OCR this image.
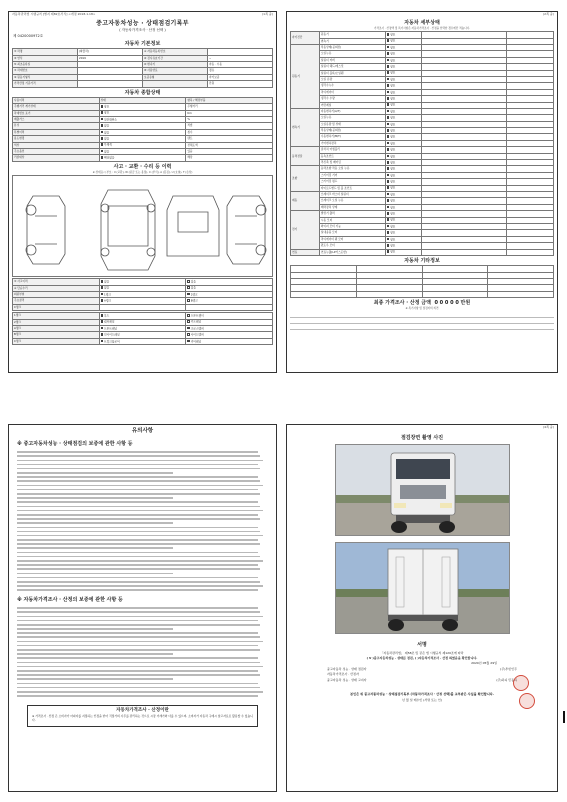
자동차관리법 시행규칙 [별지 제82호서식] <개정 2018.1.18>	(1쪽 중)
중고자동차성능 · 상태점검기록부
( 자동차가격조사 · 산정 선택 )
제 0420000972호
자동차 기본정보
① 차명	(화물차)	② 자동차등록번호	
③ 연식	2019	④ 검사유효기간	~
⑤ 최초등록일		⑥ 변속기	자동 · 수동
⑦ 차대번호		⑧ 사용연료	경유
⑨ 원동기형식		보증유형	자가보증
가격산정 기준가격			만원
자동차 종합상태
사용이력	상태	항목 / 해당부품
주행거리 계기상태	양호	주행거리
차대번호 표기	양호	Km
배출가스	일산화탄소	%
튜닝	없음	적법
특별이력	없음	침수
용도변경	없음	렌트
색상	무채색	전체도색
주요옵션	없음	있음
리콜대상	해당없음	해당
사고 · 교환 · 수리 등 이력
※ 상태표시 부호 : X (교환), W (판금 또는 용접), C (부식), A (흠집), U (요철), T (손상)
① 사고이력	없음	있음
② 단순수리	없음	있음
외판부위	1랭크	2랭크
주요골격	A랭크	B랭크
C랭크		
1랭크	후드	프론트휀더
2랭크	쿼터패널	루프패널
A랭크	프론트패널	크로스멤버
B랭크	인사이드패널	사이드멤버
C랭크	트렁크플로어	리어패널
(2쪽 중)
자동차 세부상태
가격조사 · 산정액 및 특기사항은 자동차가격조사 · 산정을 선택한 경우에만 적습니다.
자기진단	원동기	양호		
	변속기	양호		
원동기	작동상태(공회전)	양호		
	오일누유	양호		
	실린더 커버	양호		
	실린더 헤드/개스킷	양호		
	실린더 블록/오일팬	양호		
	오일 유량	양호		
	냉각수누수	양호		
	라디에이터	양호		
	냉각수 수량	양호		
	커먼레일	양호		
변속기	자동변속기(A/T)	양호		
	오일누유	양호		
	오일유량 및 상태	양호		
	작동상태(공회전)	양호		
	수동변속기(M/T)	양호		
	기어변속장치	양호		
동력전달	클러치 어셈블리	양호		
	등속조인트	양호		
	추진축 및 베어링	양호		
조향	동력조향 작동 오일 누유	양호		
	스티어링 기어	양호		
	스티어링 펌프	양호		
	타이로드엔드 및 볼 조인트	양호		
제동	브레이크 마스터 실린더	양호		
	브레이크 오일 누유	양호		
	배력장치 상태	양호		
전기	발전기 출력	양호		
	시동 모터	양호		
	와이퍼 모터 기능	양호		
	실내송풍 모터	양호		
	라디에이터 팬 모터	양호		
	윈도우 모터	양호		
연료	연료누출(LP가스포함)	양호		
자동차 기타정보

최종 가격조사 · 산정 금액 0 0 0 0 0 만원
※ 특기사항 및 점검자의 의견
유의사항
※ 중고자동차성능 · 상태점검의 보증에 관한 사항 등
※ 자동차가격조사 · 산정의 보증에 관한 사항 등
자동차가격조사 · 산정이란
※ 가격조사 · 산정 은 소비자가 아파자를 지정하는 인정을 받아 직접가의 사무를 관리하는 것으로 시장 거래가와 다를 수 있으며, 소비자가 자동차 구매시 참고자료로 활용할 수 있습니다.
(4쪽 중)
점검장면 촬영 사진
서명
「자동차관리법」 제58조 및 같은 법 시행규칙 제120조에 따라
( V )중고자동차성능 · 상태를 점검, ( )자동차가격조사 · 산정 하였음을 확인합니다.
2020년 05월 29일
중고자동차 성능 · 상태 점검자	(주)투빈인주
자동차가격조사 · 산정자
중고자동차 성능 · 상태 고지자	(주)하디 민동하
본인은 위 중고자동차성능 · 상태점검기록부 (자동차가격조사 · 산정 선택)를 교부받은 사실을 확인합니다.
년 월 일 매수인 (서명 또는 인)
